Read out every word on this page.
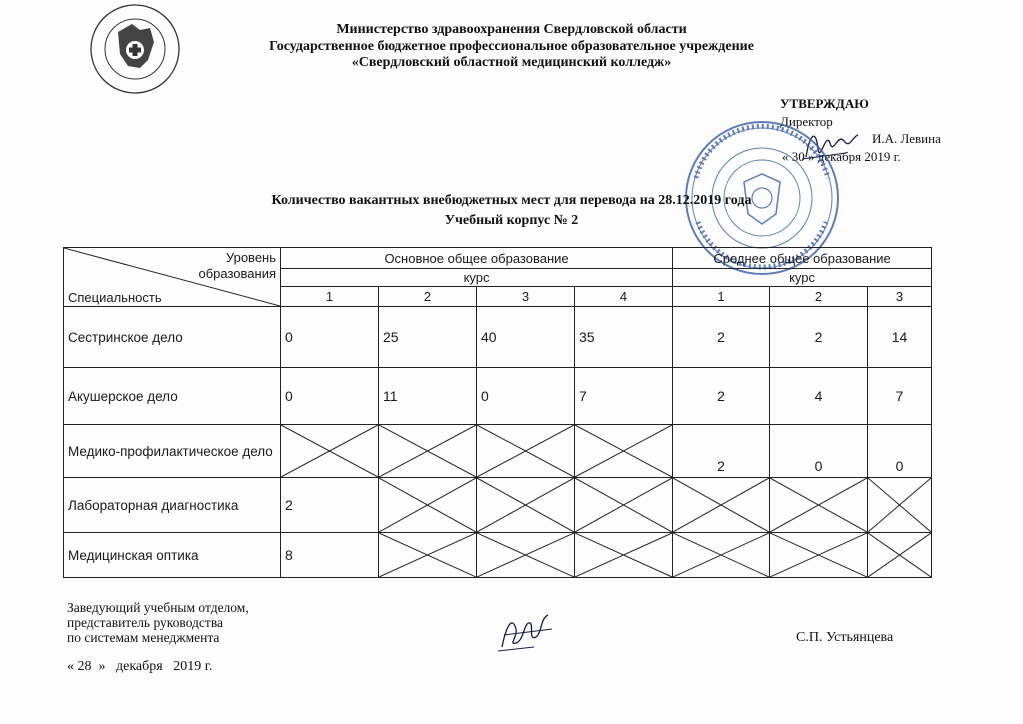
Министерство здравоохранения Свердловской области
Государственное бюджетное профессиональное образовательное учреждение
«Свердловский областной медицинский колледж»
УТВЕРЖДАЮ
Директор
И.А. Левина
« 30 » декабря 2019 г.
Количество вакантных внебюджетных мест для перевода на 28.12.2019 года
Учебный корпус № 2
Уровень
образования
Специальность	Основное общее образование				Среднее общее образование		
	курс				курс		
	1	2	3	4	1	2	3
Сестринское дело	0	25	40	35	2	2	14

Акушерское дело	0	11	0	7	2	4	7

Медико-профилактическое дело					2	0	0

Лабораторная диагностика	2

Медицинская оптика	8

Заведующий учебным отделом,
представитель руководства
по системам менеджмента	С.П. Устьянцева
« 28  »   декабря   2019 г.
